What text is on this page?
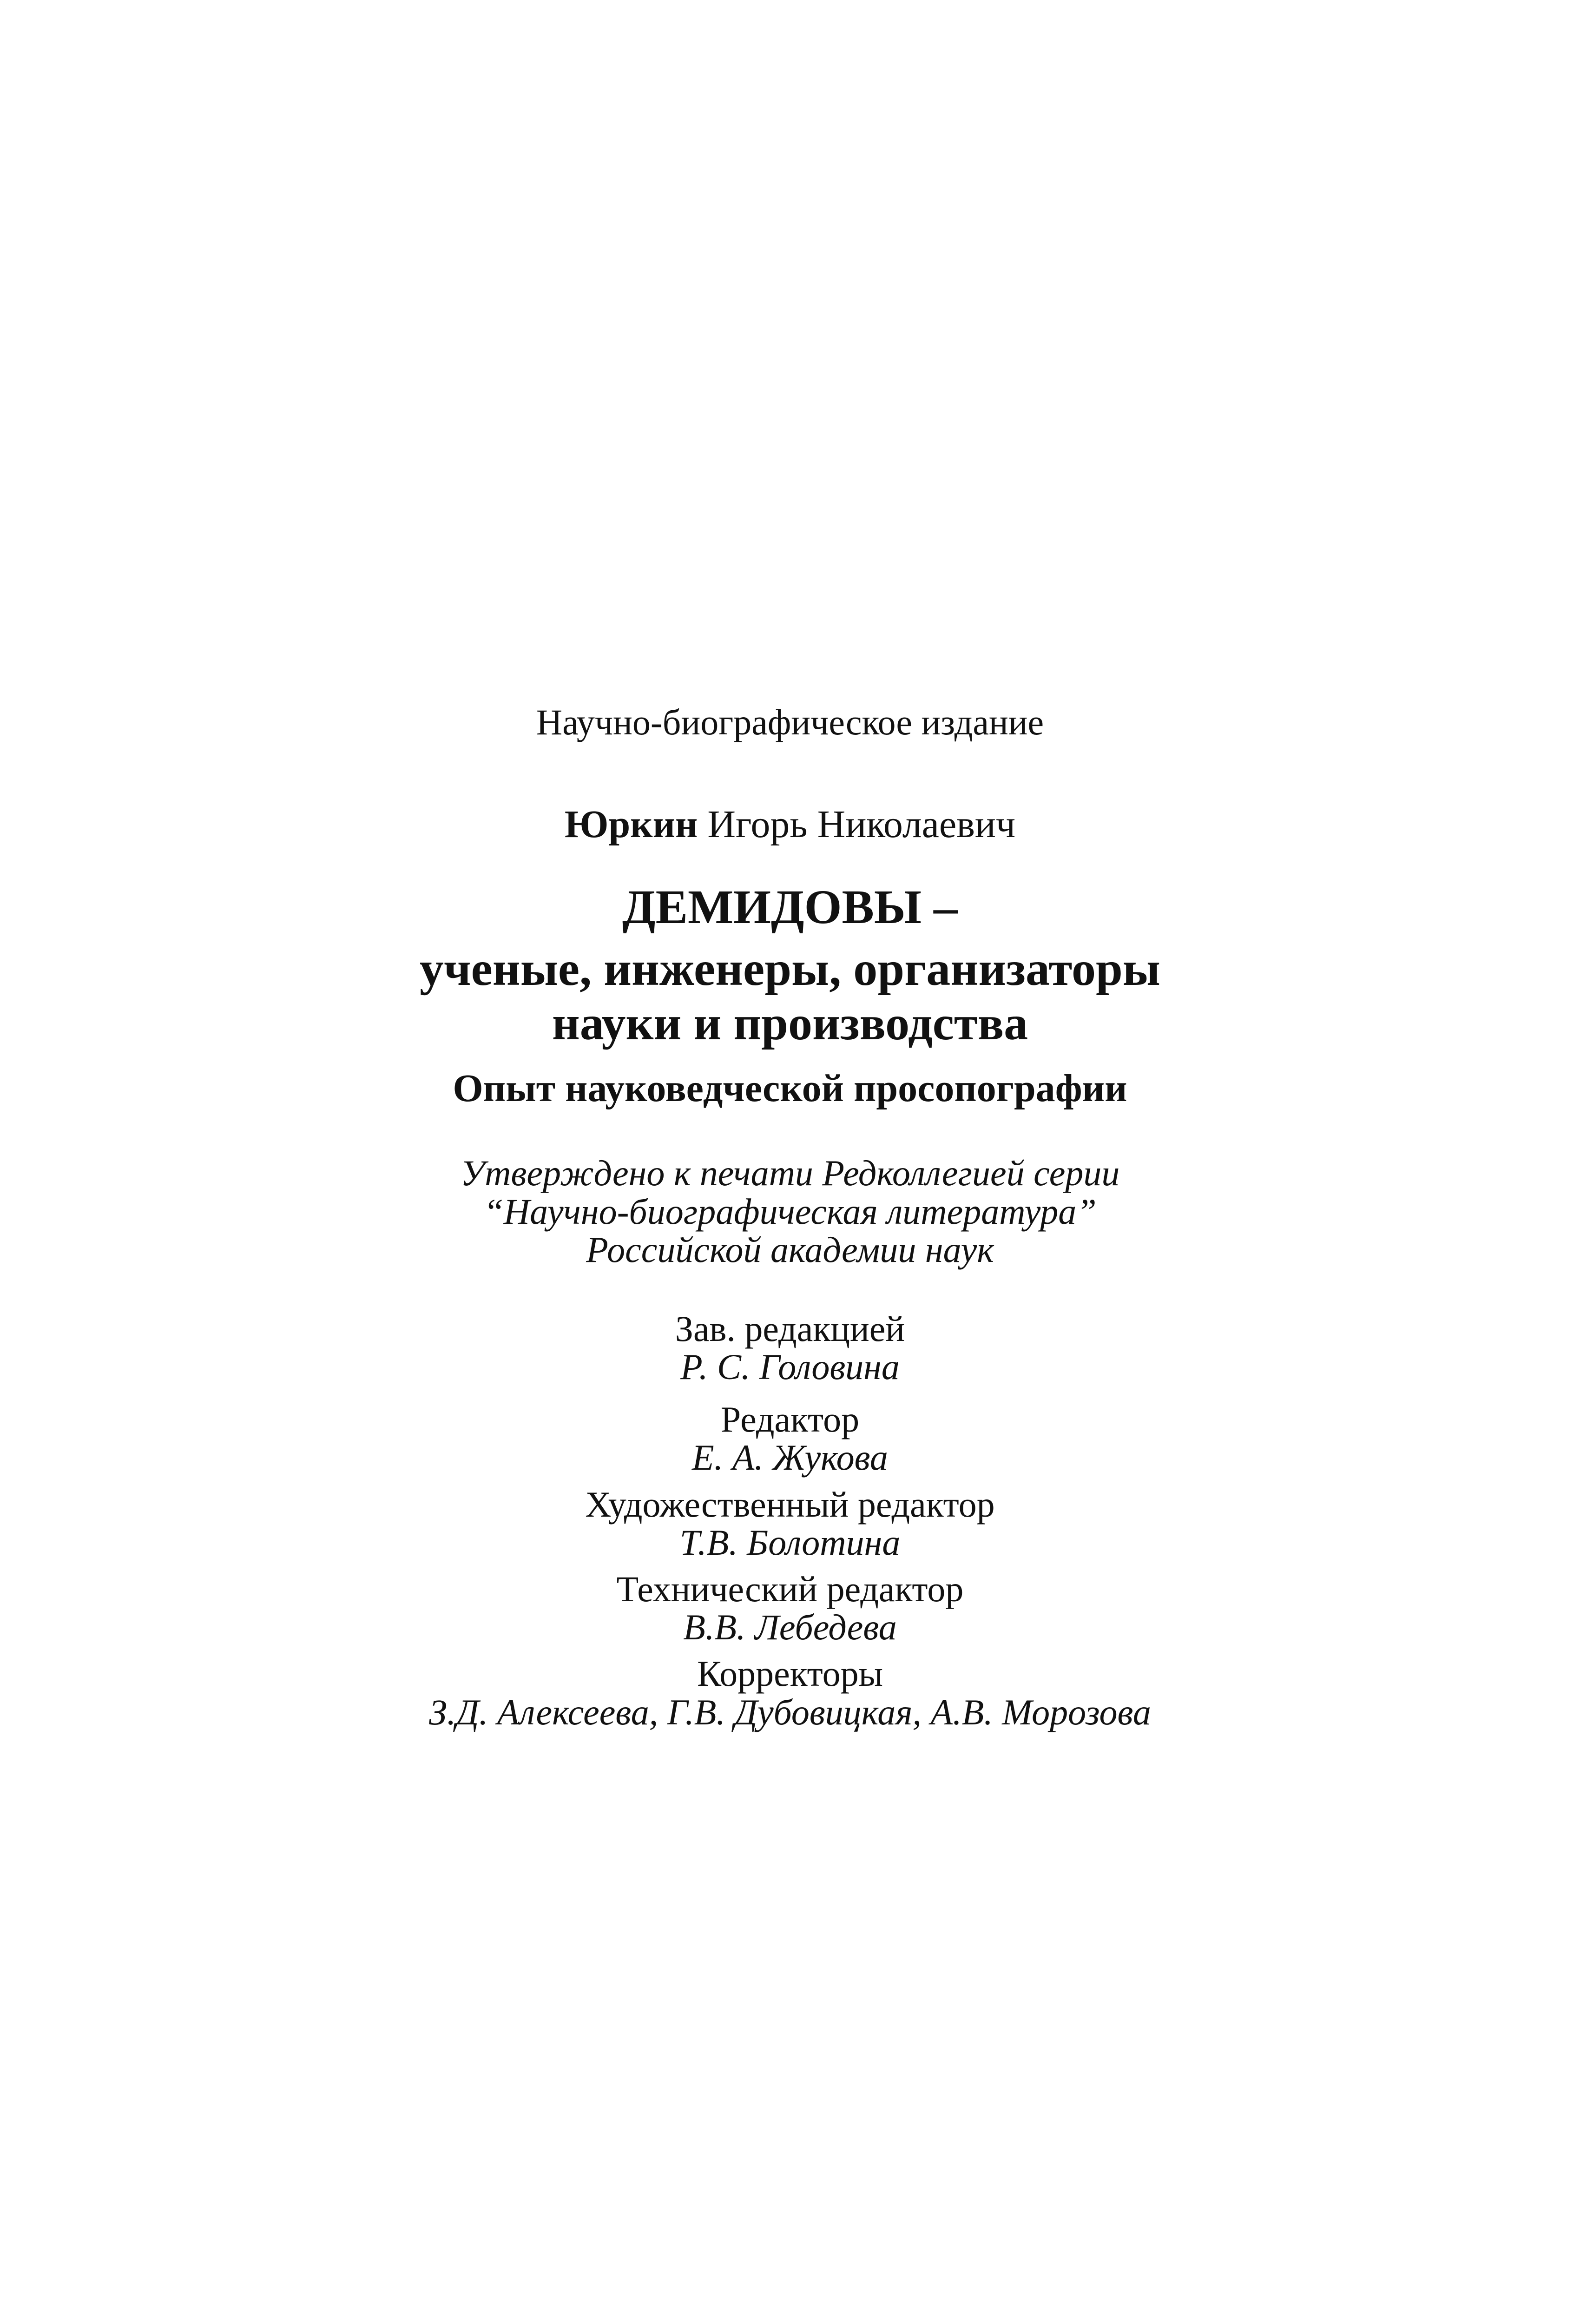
Научно-биографическое издание
Юркин Игорь Николаевич
ДЕМИДОВЫ –
ученые, инженеры, организаторы
науки и производства
Опыт науковедческой просопографии
Утверждено к печати Редколлегией серии
“Научно-биографическая литература”
Российской академии наук
Зав. редакцией
Р. С. Головина
Редактор
Е. А. Жукова
Художественный редактор
Т.В. Болотина
Технический редактор
В.В. Лебедева
Корректоры
З.Д. Алексеева, Г.В. Дубовицкая, А.В. Морозова
